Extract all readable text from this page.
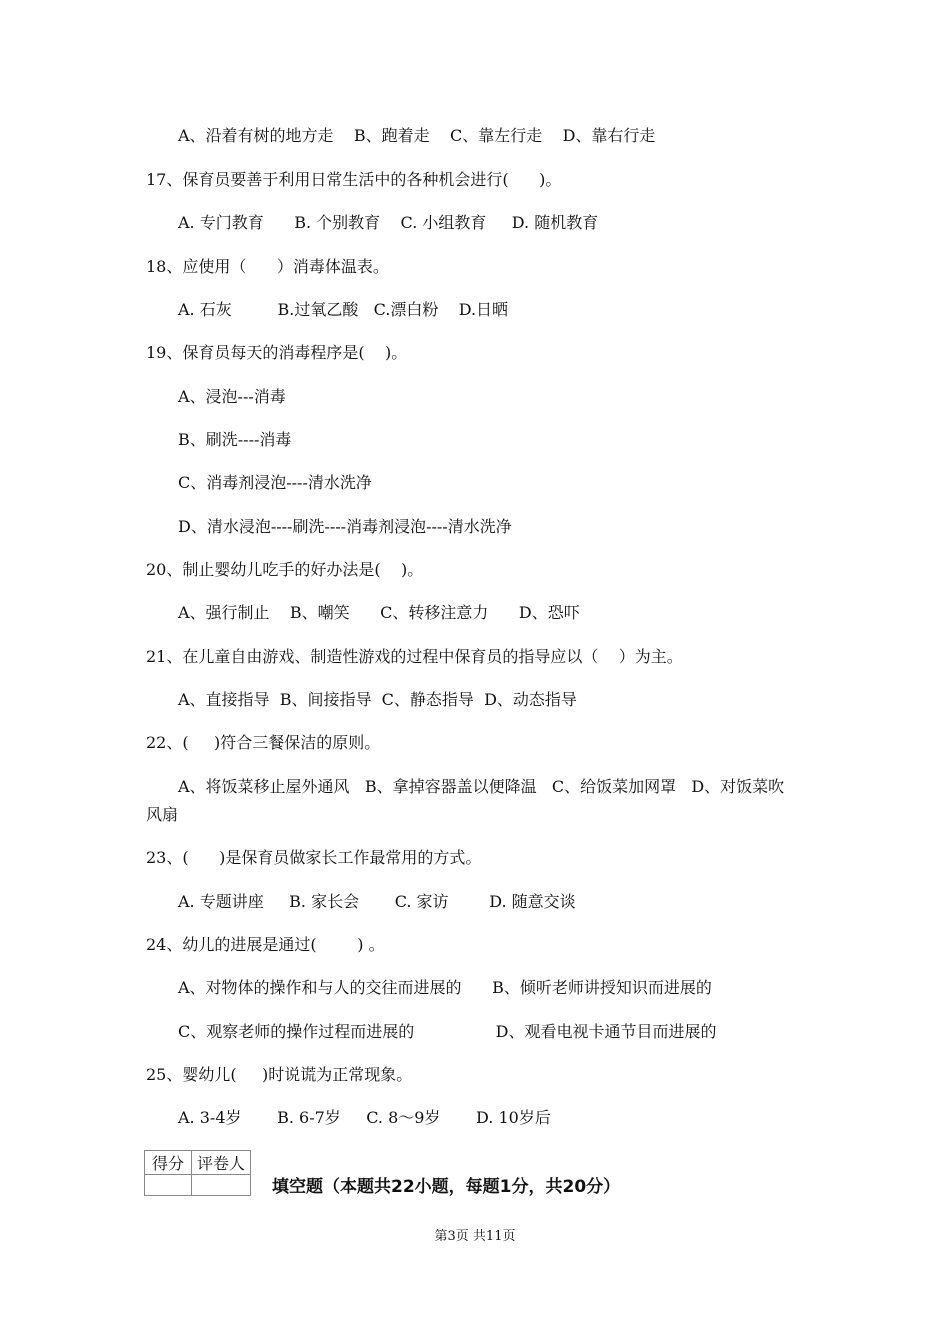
A、沿着有树的地方走    B、跑着走    C、靠左行走    D、靠右行走
17、保育员要善于利用日常生活中的各种机会进行(      )。
A. 专门教育      B. 个别教育    C. 小组教育     D. 随机教育
18、应使用（      ）消毒体温表。
A. 石灰         B.过氧乙酸   C.漂白粉    D.日晒
19、保育员每天的消毒程序是(    )。
A、浸泡---消毒
B、刷洗----消毒
C、消毒剂浸泡----清水洗净
D、清水浸泡----刷洗----消毒剂浸泡----清水洗净
20、制止婴幼儿吃手的好办法是(    )。
A、强行制止    B、嘲笑      C、转移注意力      D、恐吓
21、在儿童自由游戏、制造性游戏的过程中保育员的指导应以（    ）为主。
A、直接指导  B、间接指导  C、静态指导  D、动态指导
22、(     )符合三餐保洁的原则。
A、将饭菜移止屋外通风   B、拿掉容器盖以便降温   C、给饭菜加网罩   D、对饭菜吹
风扇
23、(      )是保育员做家长工作最常用的方式。
A. 专题讲座     B. 家长会       C. 家访        D. 随意交谈
24、幼儿的进展是通过(        ) 。
A、对物体的操作和与人的交往而进展的      B、倾听老师讲授知识而进展的
C、观察老师的操作过程而进展的                D、观看电视卡通节目而进展的
25、婴幼儿(     )时说谎为正常现象。
A. 3-4岁       B. 6-7岁     C. 8～9岁       D. 10岁后
得分	评卷人

填空题（本题共22小题，每题1分，共20分）
第3页 共11页
